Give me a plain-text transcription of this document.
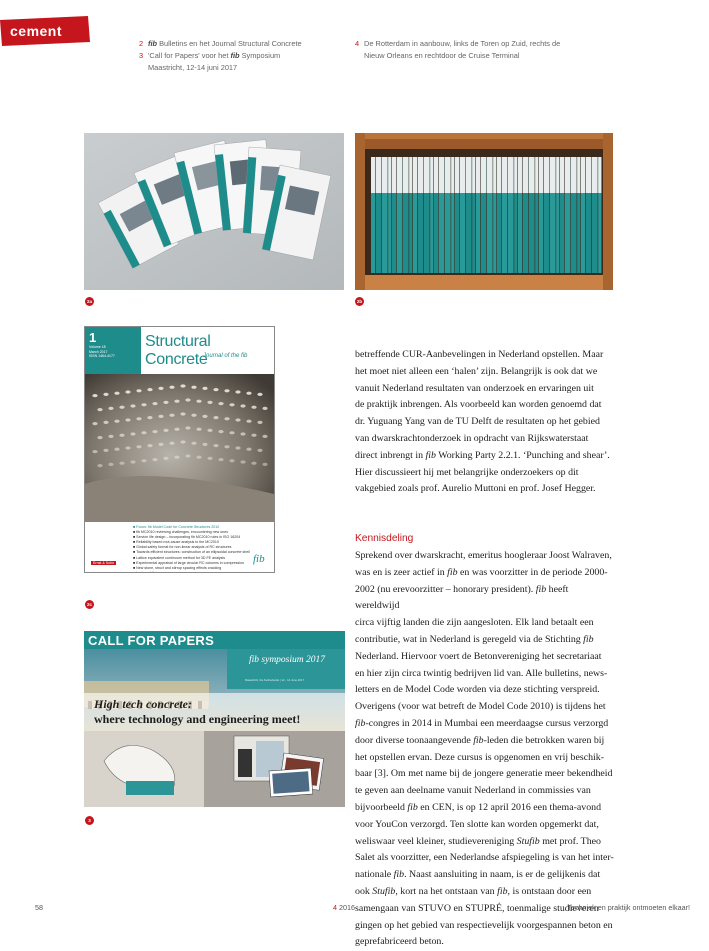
cement
2 fib Bulletins en het Journal Structural Concrete
3 'Call for Papers' voor het fib Symposium
Maastricht, 12-14 juni 2017
4 De Rotterdam in aanbouw, links de Toren op Zuid, rechts de
Nieuw Orleans en rechtdoor de Cruise Terminal
2a	2b
2c
3
1
Volume 18
March 2017
ISSN 1464-4177
Structural Concrete
Journal of the fib
■ Focus: fib Model Code for Concrete Structures 2010
■ fib MC2010 reviewing challenges, encountering new ones
■ Service life design – incorporating fib MC2010 rules in ISO 16204
■ Reliability based root-cause analysis to the MC2010
■ Global safety format for non-linear analysis of RC structures
■ Towards efficient structures: construction of an ellipsoidal concrete shell
■ Lattice equivalent continuum method for 3D FE analysis
■ Experimental appraisal of large circular RC columns in compression
■ New stone, struct and stirrup spacing effects cracking
■ tests and theory
Ernst & Sohn	fib
CALL FOR PAPERS
fib symposium 2017
Maastricht, the Netherlands | 12 - 14 June 2017
High tech concrete:
where technology and engineering meet!
betreffende CUR-Aanbevelingen in Nederland opstellen. Maar
het moet niet alleen een ‘halen’ zijn. Belangrijk is ook dat we
vanuit Nederland resultaten van onderzoek en ervaringen uit
de praktijk inbrengen. Als voorbeeld kan worden genoemd dat
dr. Yuguang Yang van de TU Delft de resultaten op het gebied
van dwarskrachtonderzoek in opdracht van Rijkswaterstaat
direct inbrengt in fib Working Party 2.2.1. ‘Punching and shear’.
Hier discussieert hij met belangrijke onderzoekers op dit
vakgebied zoals prof. Aurelio Muttoni en prof. Josef Hegger.
Kennisdeling
Sprekend over dwarskracht, emeritus hoogleraar Joost Walraven,
was en is zeer actief in fib en was voorzitter in de periode 2000-
2002 (nu erevoorzitter – honorary president). fib heeft wereldwijd
circa vijftig landen die zijn aangesloten. Elk land betaalt een
contributie, wat in Nederland is geregeld via de Stichting fib
Nederland. Hiervoor voert de Betonvereniging het secretariaat
en hier zijn circa twintig bedrijven lid van. Alle bulletins, news-
letters en de Model Code worden via deze stichting verspreid.
Overigens (voor wat betreft de Model Code 2010) is tijdens het
fib-congres in 2014 in Mumbai een meerdaagse cursus verzorgd
door diverse toonaangevende fib-leden die betrokken waren bij
het opstellen ervan. Deze cursus is opgenomen en vrij beschik-
baar [3]. Om met name bij de jongere generatie meer bekendheid
te geven aan deelname vanuit Nederland in commissies van
bijvoorbeeld fib en CEN, is op 12 april 2016 een thema-avond
voor YouCon verzorgd. Ten slotte kan worden opgemerkt dat,
weliswaar veel kleiner, studievereniging Stufib met prof. Theo
Salet als voorzitter, een Nederlandse afspiegeling is van het inter-
nationale fib. Naast aansluiting in naam, is er de gelijkenis dat
ook Stufib, kort na het ontstaan van fib, is ontstaan door een
samengaan van STUVO en STUPRÉ, toenmalige studieveren
gingen op het gebied van respectievelijk voorgespannen beton en
geprefabriceerd beton.
58	4 2016	Techniek en praktijk ontmoeten elkaar!
